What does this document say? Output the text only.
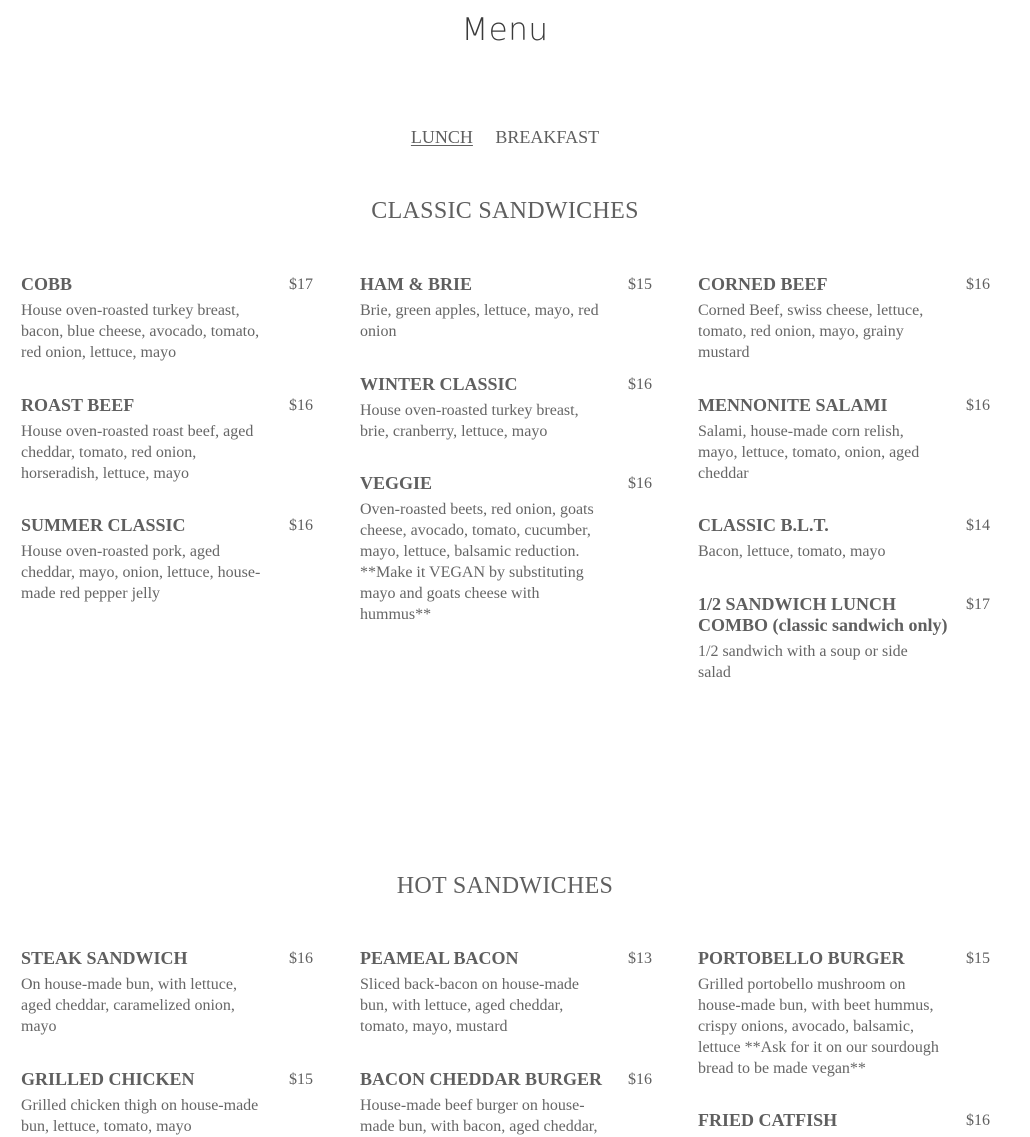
Menu
LUNCH BREAKFAST
CLASSIC SANDWICHES
COBB	$17
House oven-roasted turkey breast, bacon, blue cheese, avocado, tomato, red onion, lettuce, mayo
ROAST BEEF	$16
House oven-roasted roast beef, aged cheddar, tomato, red onion, horseradish, lettuce, mayo
SUMMER CLASSIC	$16
House oven-roasted pork, aged cheddar, mayo, onion, lettuce, house-made red pepper jelly
HAM & BRIE	$15
Brie, green apples, lettuce, mayo, red onion
WINTER CLASSIC	$16
House oven-roasted turkey breast, brie, cranberry, lettuce, mayo
VEGGIE	$16
Oven-roasted beets, red onion, goats cheese, avocado, tomato, cucumber, mayo, lettuce, balsamic reduction. **Make it VEGAN by substituting mayo and goats cheese with hummus**
CORNED BEEF	$16
Corned Beef, swiss cheese, lettuce, tomato, red onion, mayo, grainy mustard
MENNONITE SALAMI	$16
Salami, house-made corn relish, mayo, lettuce, tomato, onion, aged cheddar
CLASSIC B.L.T.	$14
Bacon, lettuce, tomato, mayo
1/2 SANDWICH LUNCH COMBO (classic sandwich only)
$17
1/2 sandwich with a soup or side salad
HOT SANDWICHES
STEAK SANDWICH	$16
On house-made bun, with lettuce, aged cheddar, caramelized onion, mayo
GRILLED CHICKEN	$15
Grilled chicken thigh on house-made bun, lettuce, tomato, mayo
PEAMEAL BACON	$13
Sliced back-bacon on house-made bun, with lettuce, aged cheddar, tomato, mayo, mustard
BACON CHEDDAR BURGER	$16
House-made beef burger on house-made bun, with bacon, aged cheddar,
PORTOBELLO BURGER	$15
Grilled portobello mushroom on house-made bun, with beet hummus, crispy onions, avocado, balsamic, lettuce **Ask for it on our sourdough bread to be made vegan**
FRIED CATFISH	$16
